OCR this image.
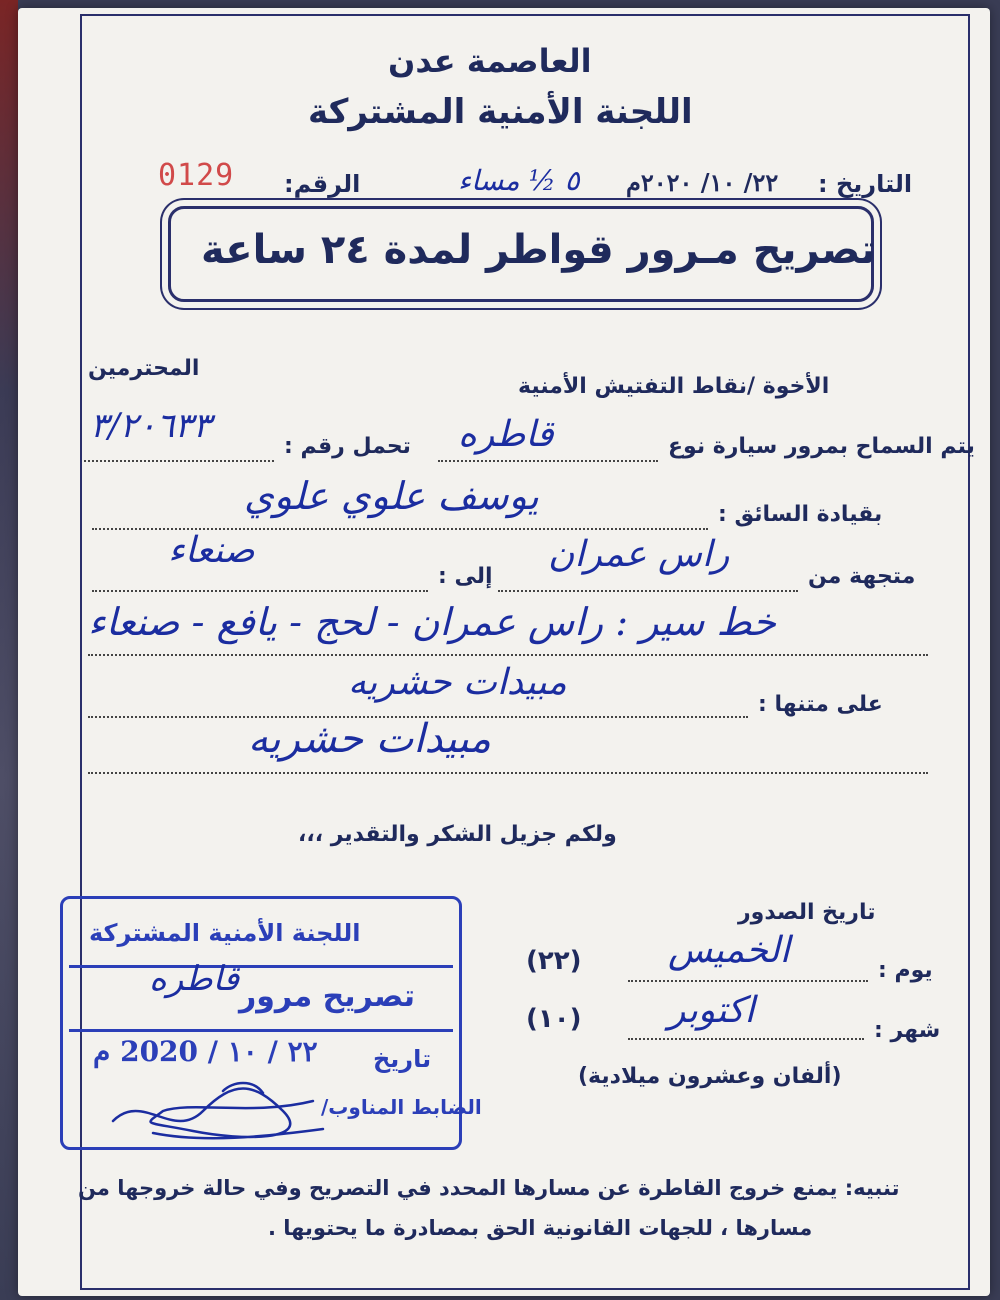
العاصمة عدن
اللجنة الأمنية المشتركة
التاريخ :
٢٢/ ١٠/ ٢٠٢٠م
٥ ½ مساء
الرقم:
0129
تصريح مـرور قواطر لمدة ٢٤ ساعة
المحترمين
الأخوة /نقاط التفتيش الأمنية
يتم السماح بمرور سيارة نوع
قاطره
تحمل رقم :
٣/٢٠٦٣٣
بقيادة السائق :
يوسف علوي علوي
متجهة من
راس عمران
إلى :
صنعاء
خط سير : راس عمران - لحج - يافع - صنعاء
على متنها :
مبيدات حشريه
مبيدات حشريه
ولكم جزيل الشكر والتقدير ،،،
تاريخ الصدور
يوم :
الخميس
(٢٢)
شهر :
اكتوبر
(١٠)
(ألفان وعشرون ميلادية)
اللجنة الأمنية المشتركة
تصريح مرور
قاطره
تاريخ
٢٢ / ١٠ / 2020 م
الضابط المناوب/
تنبيه: يمنع خروج القاطرة عن مسارها المحدد في التصريح وفي حالة خروجها من
مسارها ، للجهات القانونية الحق بمصادرة ما يحتويها .
